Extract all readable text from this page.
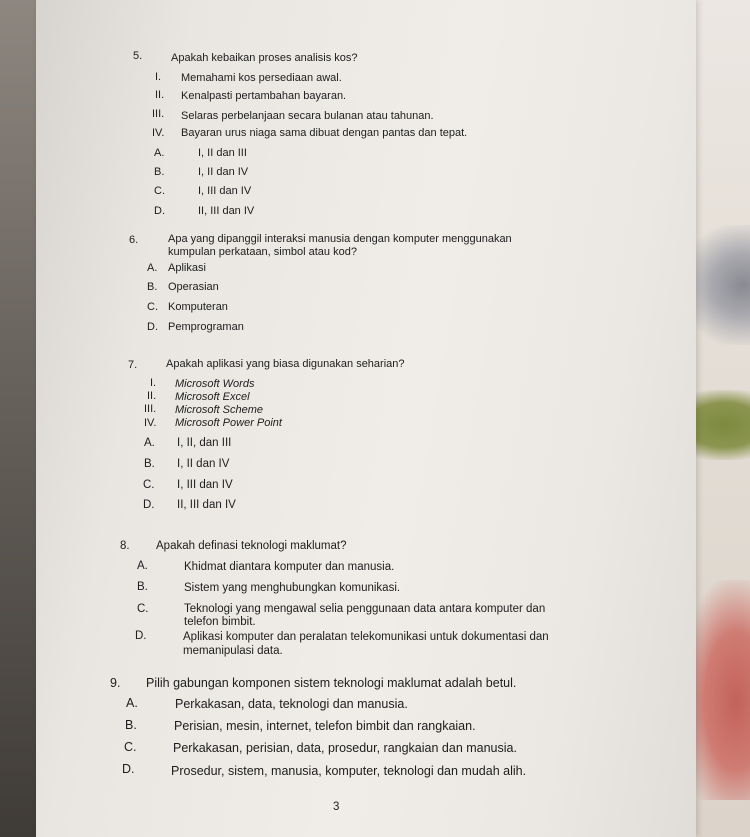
5.	Apakah kebaikan proses analisis kos?
I. Memahami kos persediaan awal.
II. Kenalpasti pertambahan bayaran.
III. Selaras perbelanjaan secara bulanan atau tahunan.
IV. Bayaran urus niaga sama dibuat dengan pantas dan tepat.
A.	I, II dan III
B.	I, II dan IV
C.	I, III dan IV
D.	II, III dan IV
6.	Apa yang dipanggil interaksi manusia dengan komputer menggunakan
kumpulan perkataan, simbol atau kod?
A. Aplikasi
B. Operasian
C. Komputeran
D. Pemprograman
7.	Apakah aplikasi yang biasa digunakan seharian?
I. Microsoft Words
II. Microsoft Excel
III. Microsoft Scheme
IV. Microsoft Power Point
A. I, II, dan III
B. I, II dan IV
C. I, III dan IV
D. II, III dan IV
8. Apakah definasi teknologi maklumat?
A.	Khidmat diantara komputer dan manusia.
B.	Sistem yang menghubungkan komunikasi.
C.	Teknologi yang mengawal selia penggunaan data antara komputer dan
telefon bimbit.
D.	Aplikasi komputer dan peralatan telekomunikasi untuk dokumentasi dan
memanipulasi data.
9. Pilih gabungan komponen sistem teknologi maklumat adalah betul.
A.	Perkakasan, data, teknologi dan manusia.
B.	Perisian, mesin, internet, telefon bimbit dan rangkaian.
C.	Perkakasan, perisian, data, prosedur, rangkaian dan manusia.
D.	Prosedur, sistem, manusia, komputer, teknologi dan mudah alih.
3
